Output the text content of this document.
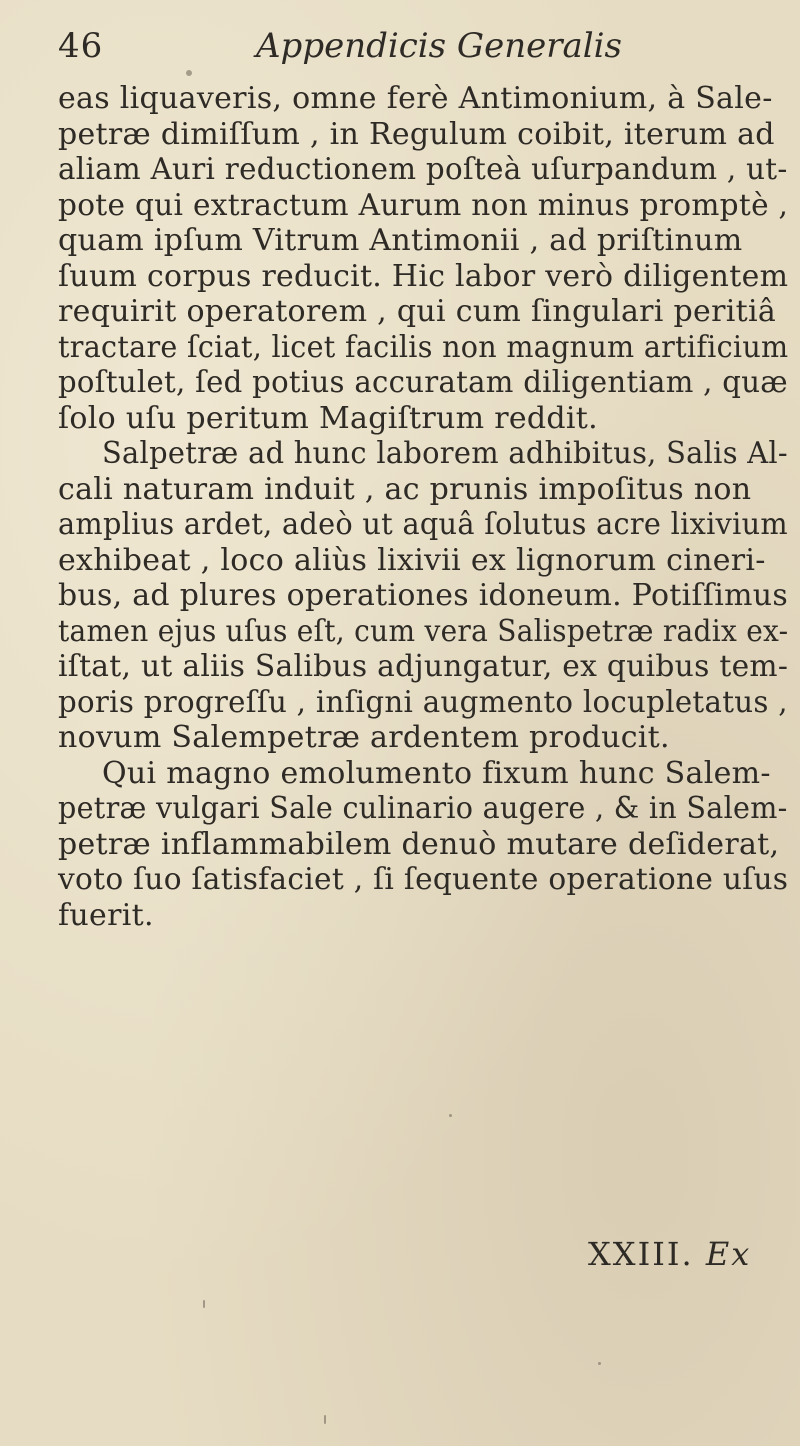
46	Appendicis Generalis
eas liquaveris, omne ferè Antimonium, à Sale-
petræ dimiſſum , in Regulum coibit, iterum ad
aliam Auri reductionem poſteà uſurpandum , ut-
pote qui extractum Aurum non minus promptè ,
quam ipſum Vitrum Antimonii , ad priſtinum
ſuum corpus reducit. Hic labor verò diligentem
requirit operatorem , qui cum ſingulari peritiâ
tractare ſciat, licet facilis non magnum artificium
poſtulet, ſed potius accuratam diligentiam , quæ
ſolo uſu peritum Magiſtrum reddit.
Salpetræ ad hunc laborem adhibitus, Salis Al-
cali naturam induit , ac prunis impoſitus non
amplius ardet, adeò ut aquâ ſolutus acre lixivium
exhibeat , loco aliùs lixivii ex lignorum cineri-
bus, ad plures operationes idoneum. Potiſſimus
tamen ejus uſus eſt, cum vera Salispetræ radix ex-
iſtat, ut aliis Salibus adjungatur, ex quibus tem-
poris progreſſu , inſigni augmento locupletatus ,
novum Salempetræ ardentem producit.
Qui magno emolumento fixum hunc Salem-
petræ vulgari Sale culinario augere , & in Salem-
petræ inflammabilem denuò mutare deſiderat,
voto ſuo ſatisfaciet , ſi ſequente operatione uſus
fuerit.
XXIII. Ex
